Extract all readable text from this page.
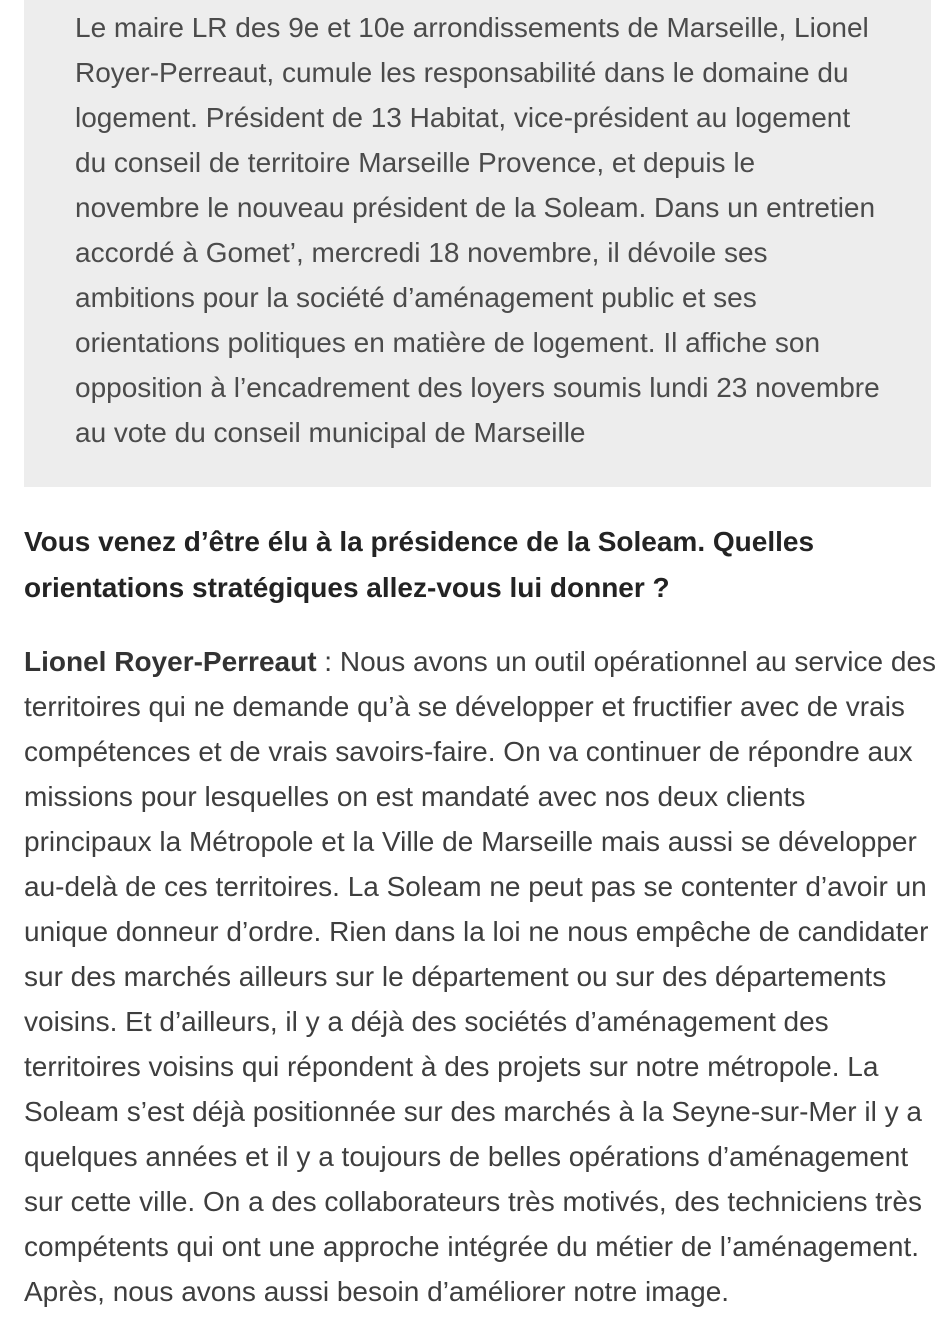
Le maire LR des 9e et 10e arrondissements de Marseille, Lionel Royer-Perreaut, cumule les responsabilité dans le domaine du logement. Président de 13 Habitat, vice-président au logement du conseil de territoire Marseille Provence, et depuis le novembre le nouveau président de la Soleam. Dans un entretien accordé à Gomet’, mercredi 18 novembre, il dévoile ses ambitions pour la société d’aménagement public et ses orientations politiques en matière de logement. Il affiche son opposition à l’encadrement des loyers soumis lundi 23 novembre au vote du conseil municipal de Marseille
Vous venez d’être élu à la présidence de la Soleam. Quelles orientations stratégiques allez-vous lui donner ?

Lionel Royer-Perreaut : Nous avons un outil opérationnel au service des territoires qui ne demande qu’à se développer et fructifier avec de vrais compétences et de vrais savoirs-faire. On va continuer de répondre aux missions pour lesquelles on est mandaté avec nos deux clients principaux la Métropole et la Ville de Marseille mais aussi se développer au-delà de ces territoires. La Soleam ne peut pas se contenter d’avoir un unique donneur d’ordre. Rien dans la loi ne nous empêche de candidater sur des marchés ailleurs sur le département ou sur des départements voisins. Et d’ailleurs, il y a déjà des sociétés d’aménagement des territoires voisins qui répondent à des projets sur notre métropole. La Soleam s’est déjà positionnée sur des marchés à la Seyne-sur-Mer il y a quelques années et il y a toujours de belles opérations d’aménagement sur cette ville. On a des collaborateurs très motivés, des techniciens très compétents qui ont une approche intégrée du métier de l’aménagement. Après, nous avons aussi besoin d’améliorer notre image.
